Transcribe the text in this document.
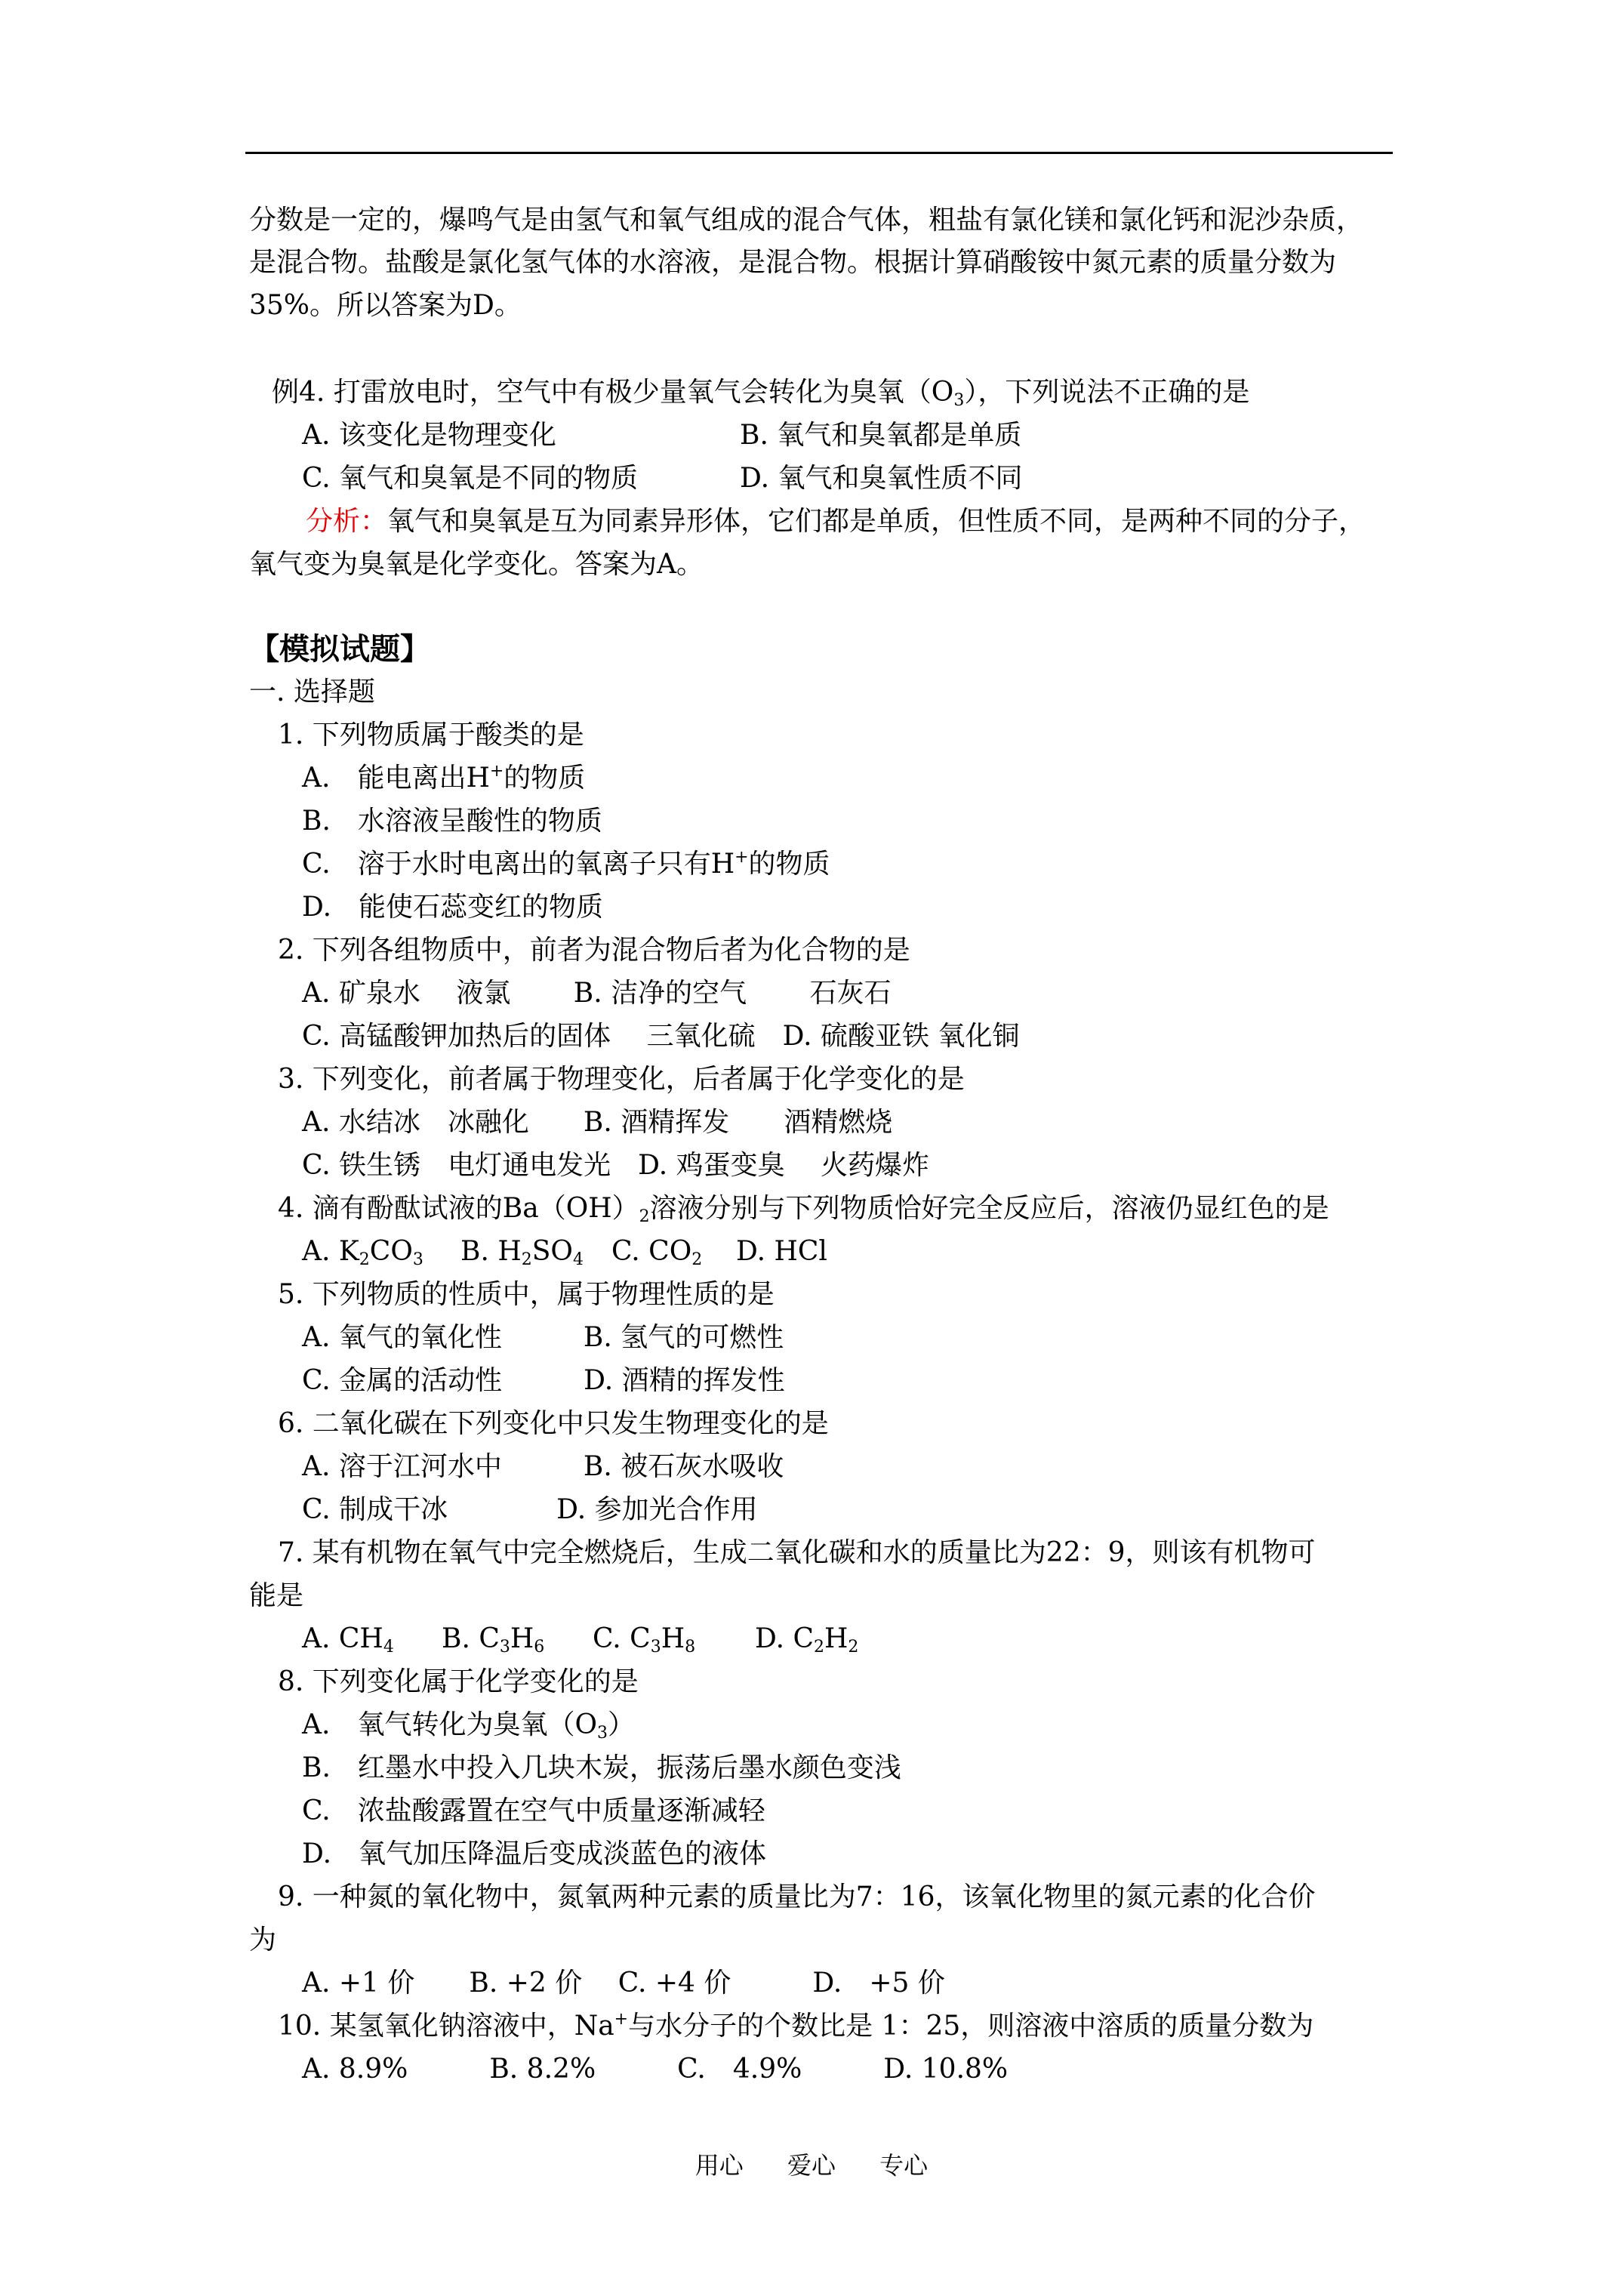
分数是一定的，爆鸣气是由氢气和氧气组成的混合气体，粗盐有氯化镁和氯化钙和泥沙杂质，
是混合物。盐酸是氯化氢气体的水溶液，是混合物。根据计算硝酸铵中氮元素的质量分数为
35%。所以答案为D。
例4. 打雷放电时，空气中有极少量氧气会转化为臭氧$(O_3)$，下列说法不正确的是
A. 该变化是物理变化	B. 氧气和臭氧都是单质
C. 氧气和臭氧是不同的物质	D. 氧气和臭氧性质不同
分析：氧气和臭氧是互为同素异形体，它们都是单质，但性质不同，是两种不同的分子，
氧气变为臭氧是化学变化。答案为A。
【模拟试题】
一. 选择题
1. 下列物质属于酸类的是
A.　能电离出H+的物质
B.　水溶液呈酸性的物质
C.　溶于水时电离出的氧离子只有H+的物质
D.　能使石蕊变红的物质
2. 下列各组物质中，前者为混合物后者为化合物的是
A. 矿泉水　 液氯　　 B. 洁净的空气　　 石灰石
C. 高锰酸钾加热后的固体　 三氧化硫　D. 硫酸亚铁 氧化铜
3. 下列变化，前者属于物理变化，后者属于化学变化的是
A. 水结冰　冰融化　　B. 酒精挥发　　酒精燃烧
C. 铁生锈　电灯通电发光　D. 鸡蛋变臭　 火药爆炸
4. 滴有酚酞试液的$Ba(OH)_2$溶液分别与下列物质恰好完全反应后，溶液仍显红色的是
A. $K_2CO_3$ B. $H_2SO_4$ C. $CO_2$ D. HCl
5. 下列物质的性质中，属于物理性质的是
A. 氧气的氧化性　　　B. 氢气的可燃性
C. 金属的活动性　　　D. 酒精的挥发性
6. 二氧化碳在下列变化中只发生物理变化的是
A. 溶于江河水中　　　B. 被石灰水吸收
C. 制成干冰　　　　D. 参加光合作用
7. 某有机物在氧气中完全燃烧后，生成二氧化碳和水的质量比为22：9，则该有机物可
能是
A. $CH_4$ B. $C_3H_6$ C. $C_3H_8$ D. $C_2H_2$
8. 下列变化属于化学变化的是
A.　氧气转化为臭氧$(O_3)$
B.　红墨水中投入几块木炭，振荡后墨水颜色变浅
C.　浓盐酸露置在空气中质量逐渐减轻
D.　氧气加压降温后变成淡蓝色的液体
9. 一种氮的氧化物中，氮氧两种元素的质量比为7：16，该氧化物里的氮元素的化合价
为
A. +1 价　　B. +2 价　 C. +4 价　　　D.　+5 价
10. 某氢氧化钠溶液中，Na+与水分子的个数比是 1：25，则溶液中溶质的质量分数为
A. 8.9%　　　B. 8.2%　　　C.　4.9%　　　D. 10.8%
用心 爱心 专心
